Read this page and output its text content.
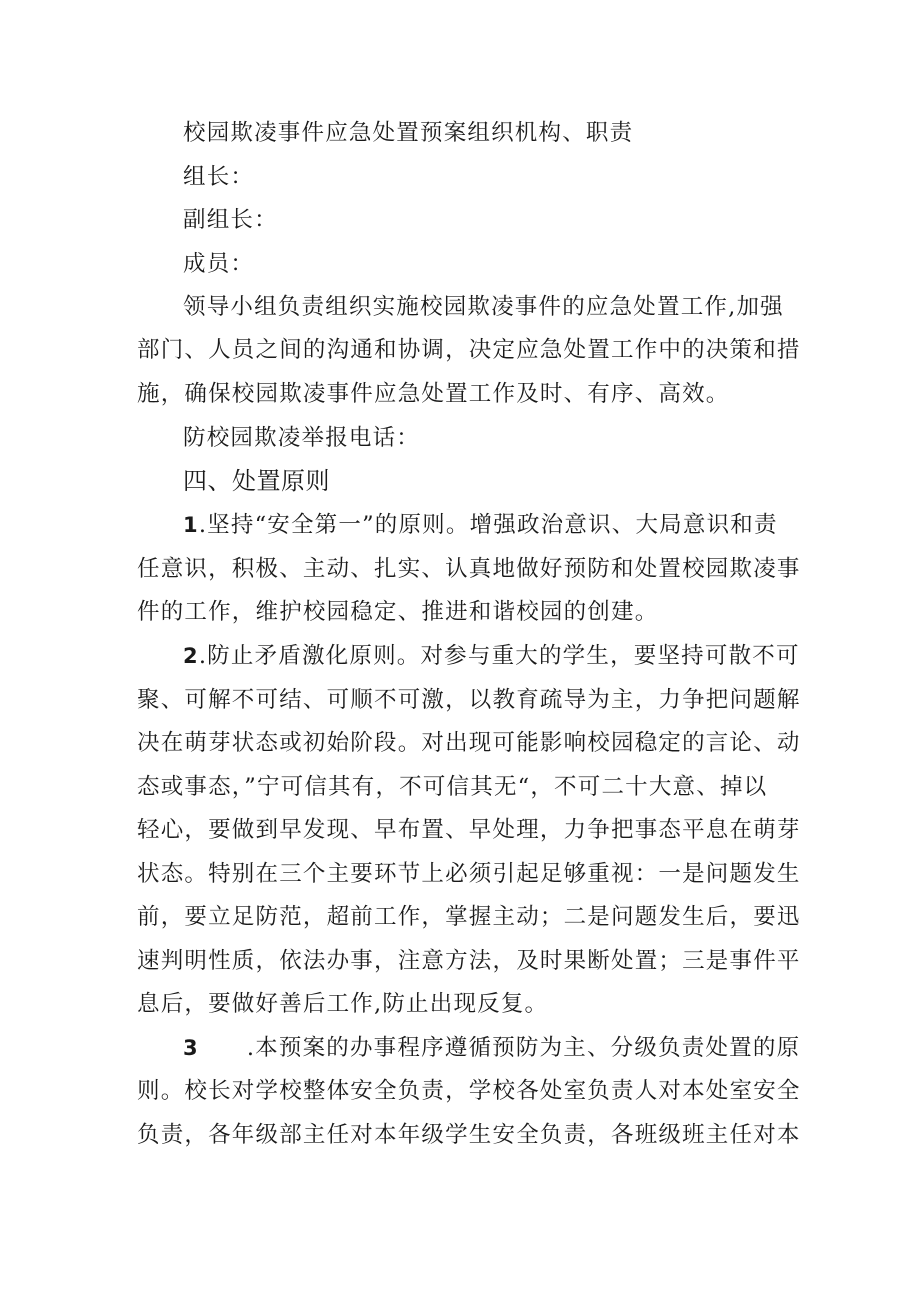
校园欺凌事件应急处置预案组织机构、职责
组长：
副组长：
成员：
领导小组负责组织实施校园欺凌事件的应急处置工作,加强
部门、人员之间的沟通和协调，决定应急处置工作中的决策和措
施，确保校园欺凌事件应急处置工作及时、有序、高效。
防校园欺凌举报电话：
四、处置原则
1.坚持“安全第一”的原则。增强政治意识、大局意识和责
任意识，积极、主动、扎实、认真地做好预防和处置校园欺凌事
件的工作，维护校园稳定、推进和谐校园的创建。
2.防止矛盾激化原则。对参与重大的学生，要坚持可散不可
聚、可解不可结、可顺不可激，以教育疏导为主，力争把问题解
决在萌芽状态或初始阶段。对出现可能影响校园稳定的言论、动
态或事态，”宁可信其有，不可信其无“，不可二十大意、掉以
轻心，要做到早发现、早布置、早处理，力争把事态平息在萌芽
状态。特别在三个主要环节上必须引起足够重视：一是问题发生
前，要立足防范，超前工作，掌握主动；二是问题发生后，要迅
速判明性质，依法办事，注意方法，及时果断处置；三是事件平
息后，要做好善后工作,防止出现反复。
3 .本预案的办事程序遵循预防为主、分级负责处置的原
则。校长对学校整体安全负责，学校各处室负责人对本处室安全
负责，各年级部主任对本年级学生安全负责，各班级班主任对本
